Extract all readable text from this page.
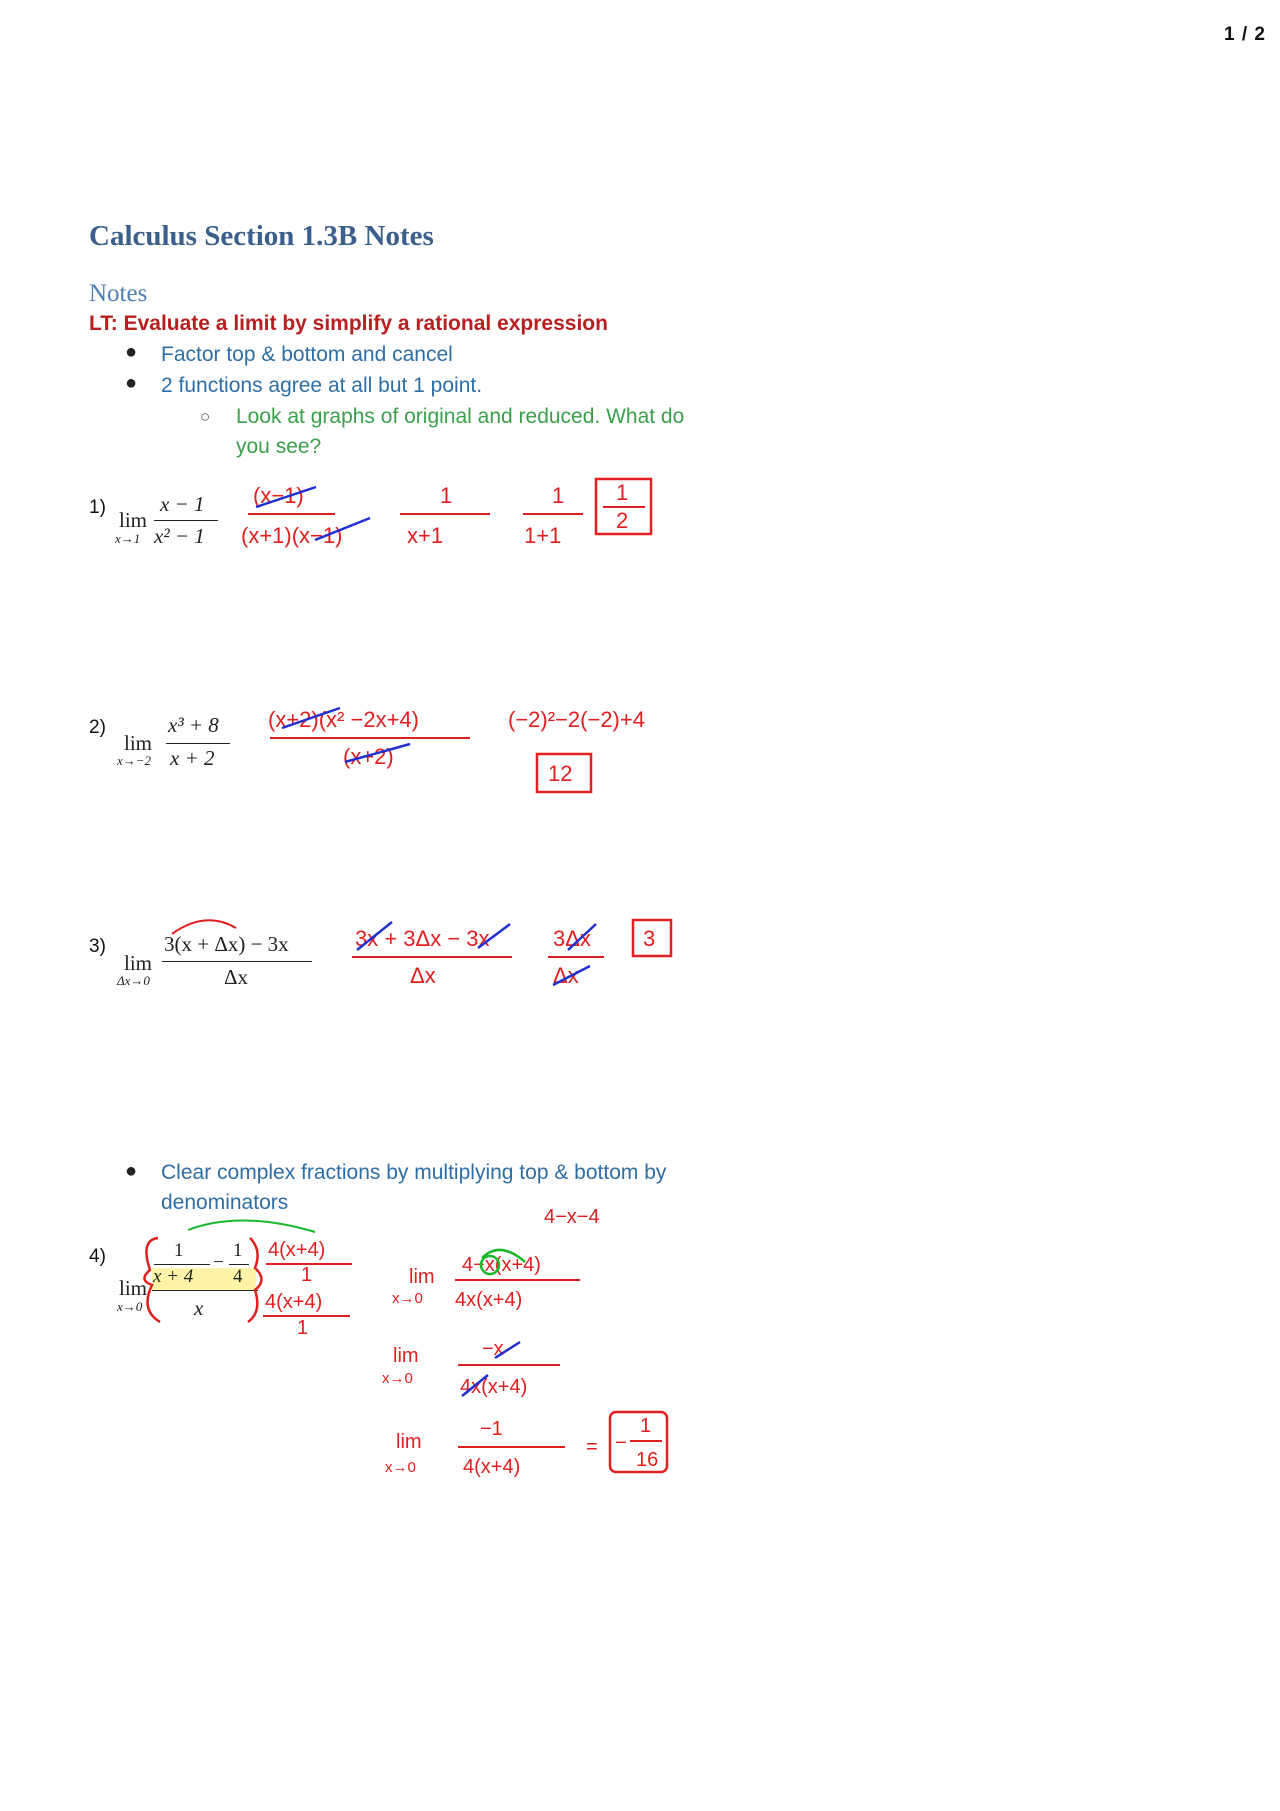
1 / 2
Calculus Section 1.3B Notes
Notes
LT: Evaluate a limit by simplify a rational expression
● Factor top & bottom and cancel
● 2 functions agree at all but 1 point.
○ Look at graphs of original and reduced. What do
you see?
1)
lim
x→1
x − 1
x² − 1
2)
lim
x→−2
x³ + 8
x + 2
3)
lim
Δx→0
3(x + Δx) − 3x
Δx
● Clear complex fractions by multiplying top & bottom by
denominators
4)
lim
x→0
1
x + 4
−
1
4
x
(x−1)
(x+1)(x−1)
1
x+1
1
1+1
1
2
(x+2)(x² −2x+4)
(x+2)
(−2)²−2(−2)+4
12
3x + 3Δx − 3x
Δx
3Δx
Δx
3
4(x+4)
1
4(x+4)
1
4−x−4
lim
x→0
4−x(x+4)
4x(x+4)
lim
x→0
−x
4x(x+4)
lim
x→0
−1
4(x+4)
= −
1
16
